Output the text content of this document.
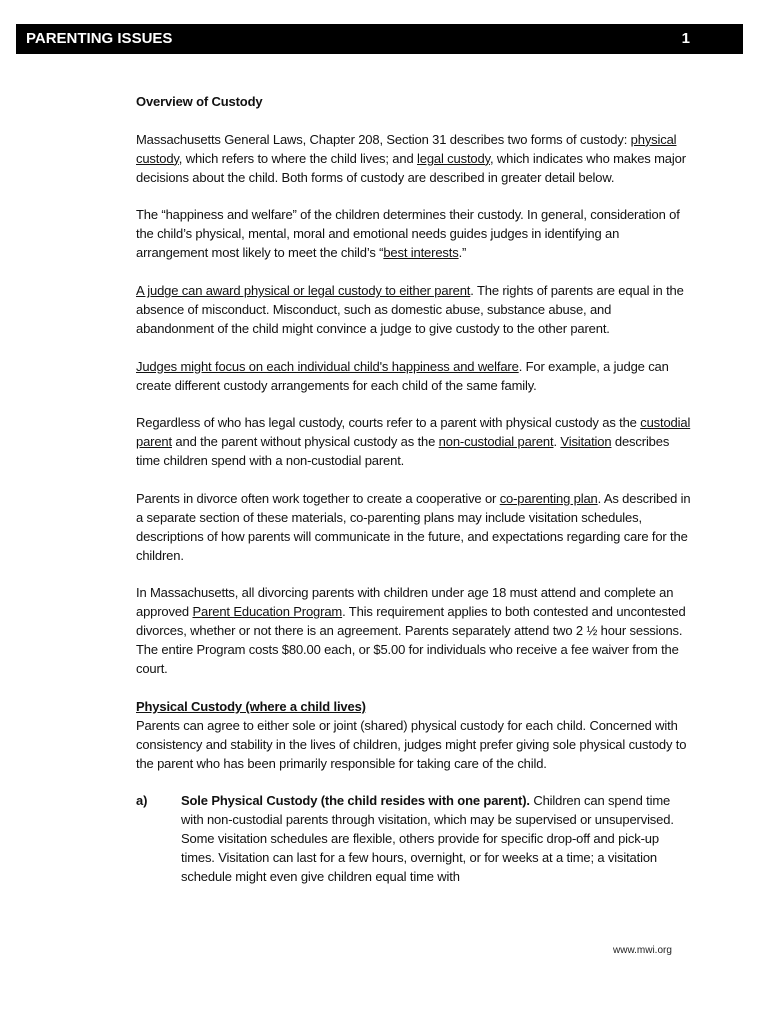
PARENTING ISSUES	1

Overview of Custody

Massachusetts General Laws, Chapter 208, Section 31 describes two forms of custody: physical custody, which refers to where the child lives; and legal custody, which indicates who makes major decisions about the child. Both forms of custody are described in greater detail below.

The “happiness and welfare” of the children determines their custody. In general, consideration of the child’s physical, mental, moral and emotional needs guides judges in identifying an arrangement most likely to meet the child’s “best interests.”

A judge can award physical or legal custody to either parent. The rights of parents are equal in the absence of misconduct. Misconduct, such as domestic abuse, substance abuse, and abandonment of the child might convince a judge to give custody to the other parent.

Judges might focus on each individual child's happiness and welfare. For example, a judge can create different custody arrangements for each child of the same family.

Regardless of who has legal custody, courts refer to a parent with physical custody as the custodial parent and the parent without physical custody as the non-custodial parent. Visitation describes time children spend with a non-custodial parent.

Parents in divorce often work together to create a cooperative or co-parenting plan. As described in a separate section of these materials, co-parenting plans may include visitation schedules, descriptions of how parents will communicate in the future, and expectations regarding care for the children.

In Massachusetts, all divorcing parents with children under age 18 must attend and complete an approved Parent Education Program. This requirement applies to both contested and uncontested divorces, whether or not there is an agreement. Parents separately attend two 2 ½ hour sessions. The entire Program costs $80.00 each, or $5.00 for individuals who receive a fee waiver from the court.

Physical Custody (where a child lives)
Parents can agree to either sole or joint (shared) physical custody for each child. Concerned with consistency and stability in the lives of children, judges might prefer giving sole physical custody to the parent who has been primarily responsible for taking care of the child.

a)	Sole Physical Custody (the child resides with one parent). Children can spend time with non-custodial parents through visitation, which may be supervised or unsupervised. Some visitation schedules are flexible, others provide for specific drop-off and pick-up times. Visitation can last for a few hours, overnight, or for weeks at a time; a visitation schedule might even give children equal time with

www.mwi.org
